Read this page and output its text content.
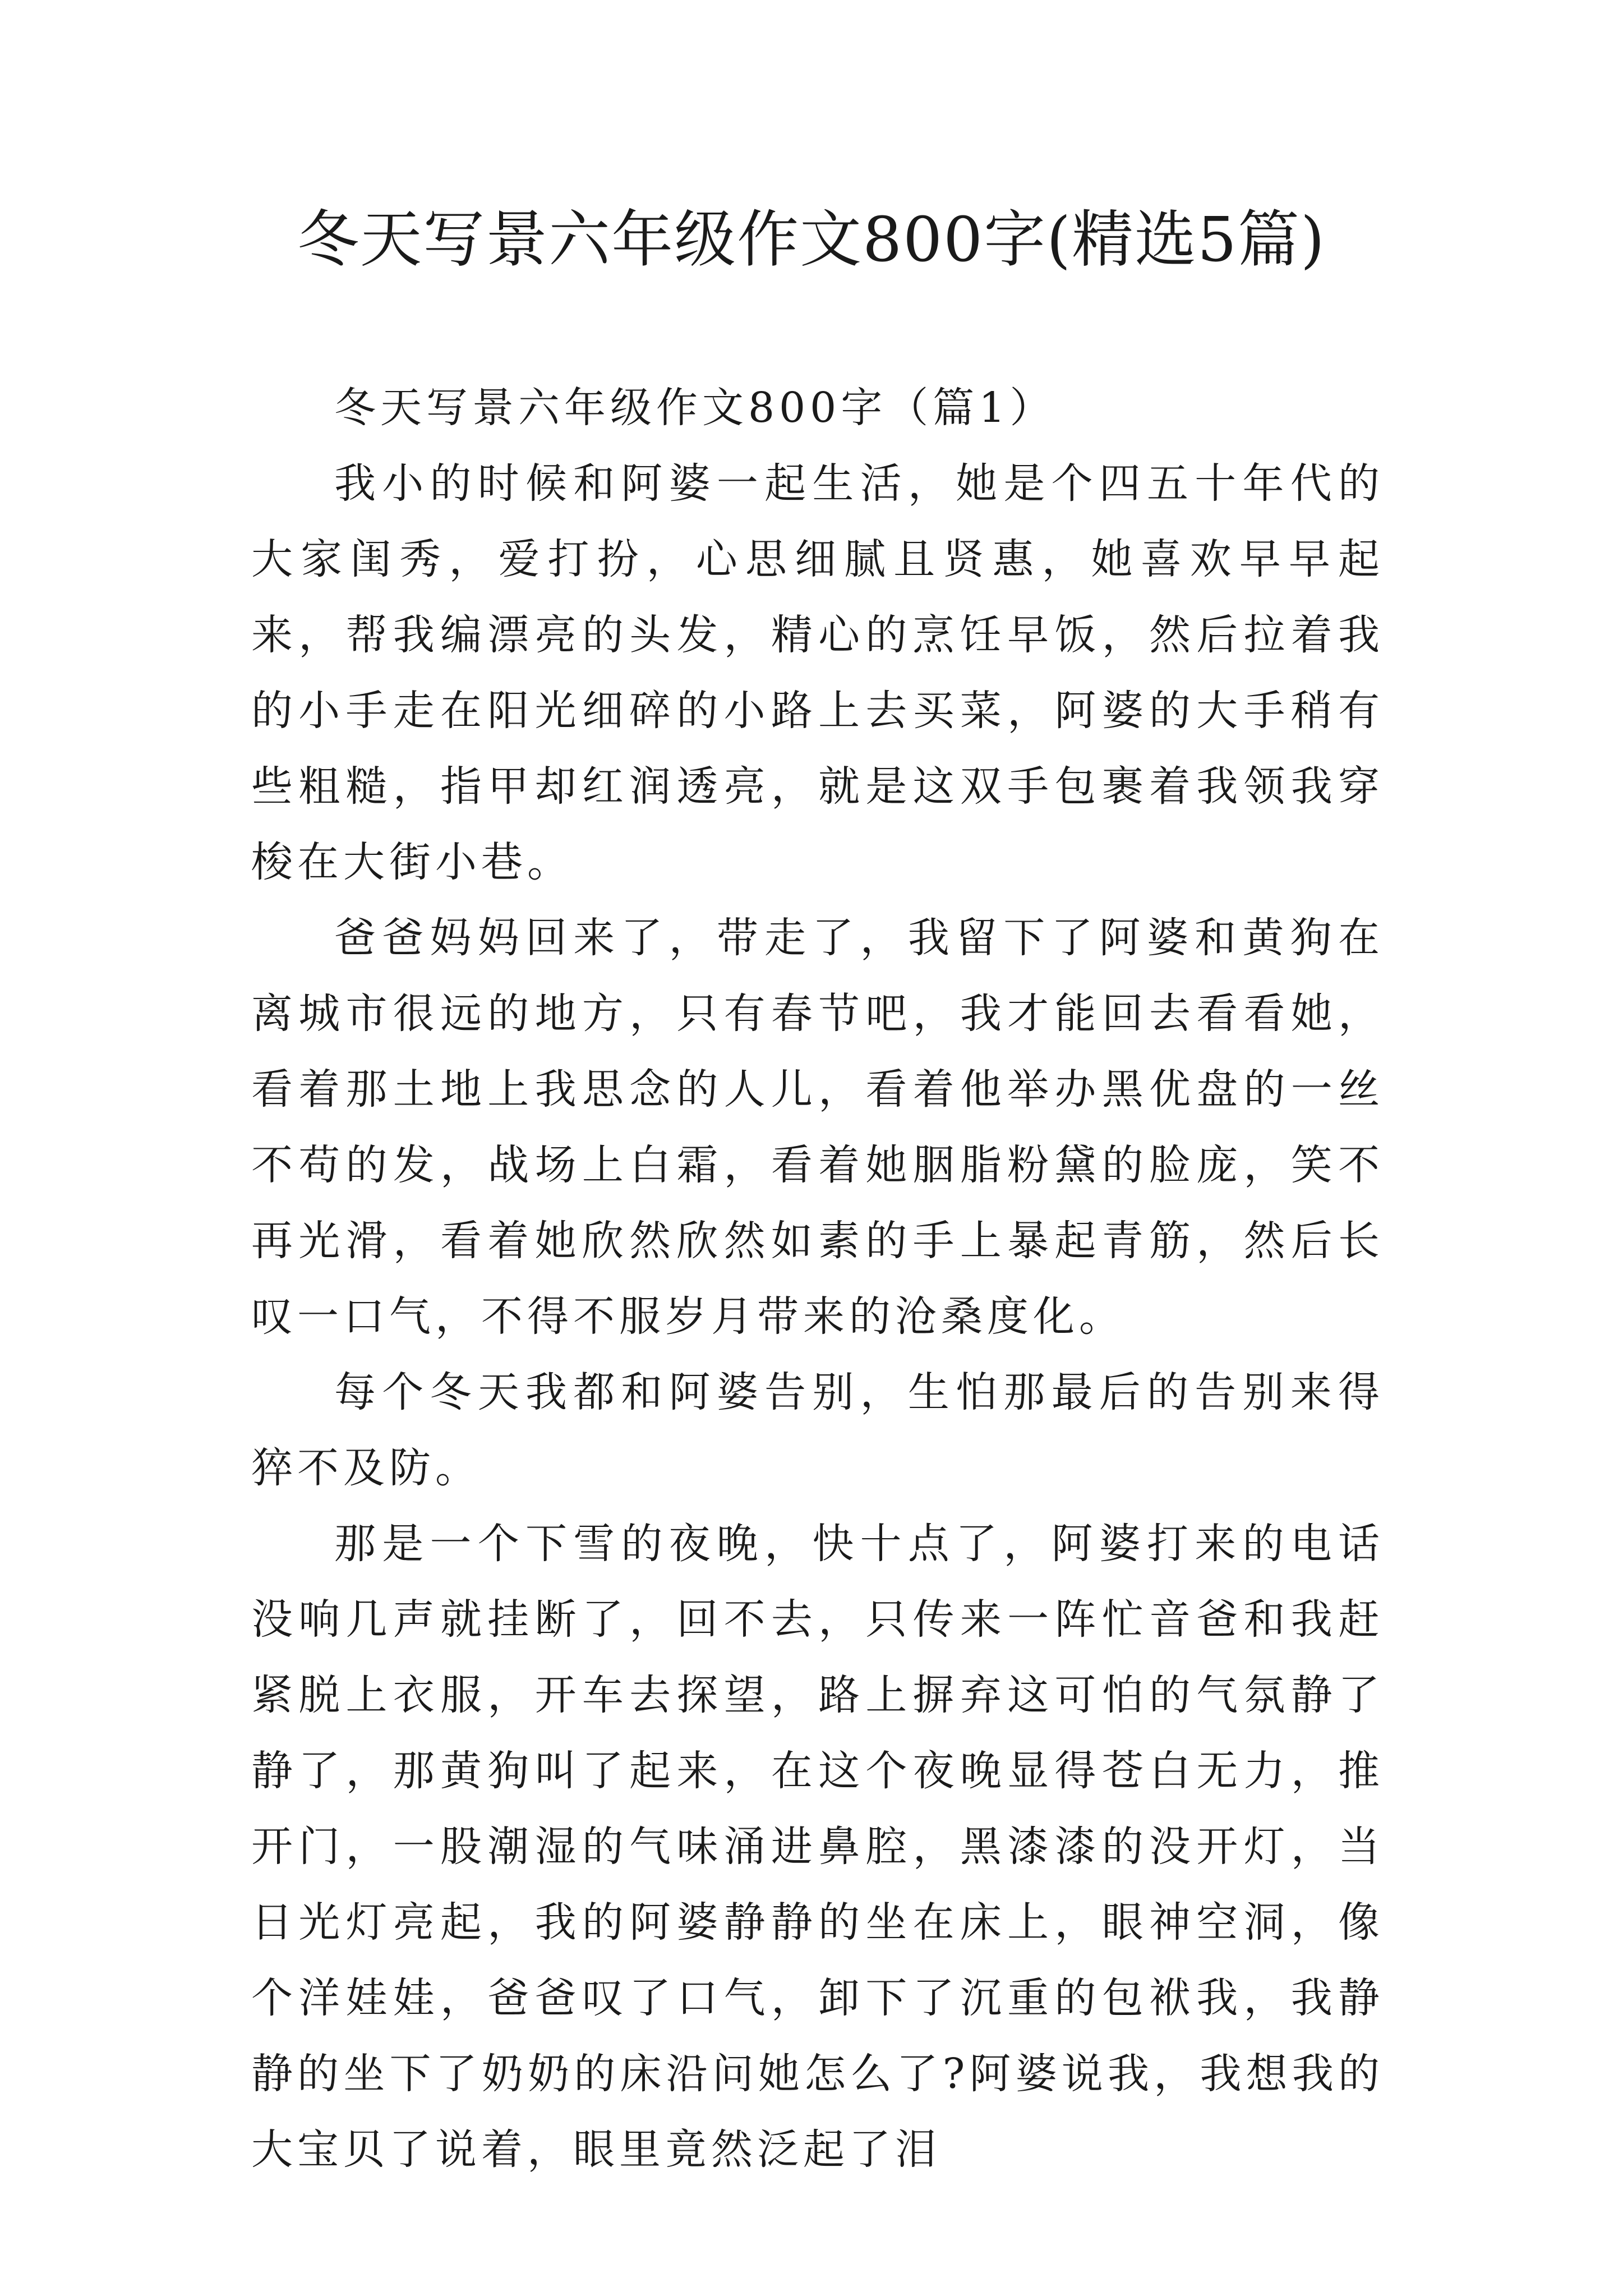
冬天写景六年级作文800字(精选5篇)

冬天写景六年级作文800字（篇1）

我小的时候和阿婆一起生活，她是个四五十年代的大家闺秀，爱打扮，心思细腻且贤惠，她喜欢早早起来，帮我编漂亮的头发，精心的烹饪早饭，然后拉着我的小手走在阳光细碎的小路上去买菜，阿婆的大手稍有些粗糙，指甲却红润透亮，就是这双手包裹着我领我穿梭在大街小巷。

爸爸妈妈回来了，带走了，我留下了阿婆和黄狗在离城市很远的地方，只有春节吧，我才能回去看看她，看着那土地上我思念的人儿，看着他举办黑优盘的一丝不苟的发，战场上白霜，看着她胭脂粉黛的脸庞，笑不再光滑，看着她欣然欣然如素的手上暴起青筋，然后长叹一口气，不得不服岁月带来的沧桑度化。

每个冬天我都和阿婆告别，生怕那最后的告别来得猝不及防。

那是一个下雪的夜晚，快十点了，阿婆打来的电话没响几声就挂断了，回不去，只传来一阵忙音爸和我赶紧脱上衣服，开车去探望，路上摒弃这可怕的气氛静了静了，那黄狗叫了起来，在这个夜晚显得苍白无力，推开门，一股潮湿的气味涌进鼻腔，黑漆漆的没开灯，当日光灯亮起，我的阿婆静静的坐在床上，眼神空洞，像个洋娃娃，爸爸叹了口气，卸下了沉重的包袱我，我静静的坐下了奶奶的床沿问她怎么了?阿婆说我，我想我的大宝贝了说着，眼里竟然泛起了泪
